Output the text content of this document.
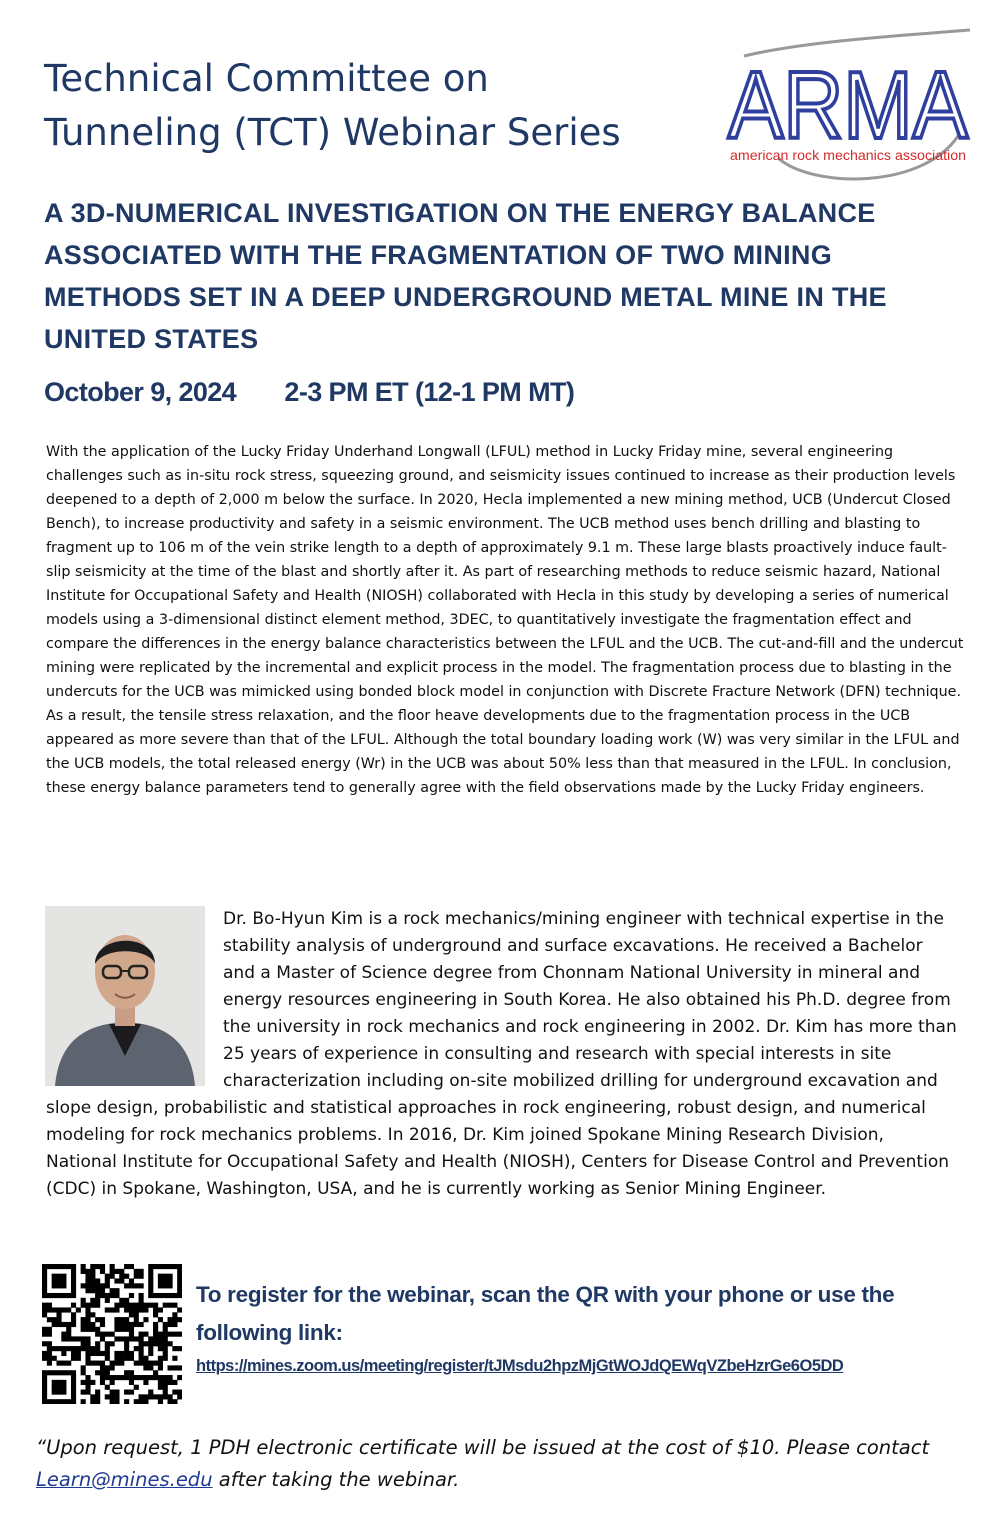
Technical Committee on
Tunneling (TCT) Webinar Series	ARMA
american rock mechanics association
A 3D-NUMERICAL INVESTIGATION ON THE ENERGY BALANCE ASSOCIATED WITH THE FRAGMENTATION OF TWO MINING METHODS SET IN A DEEP UNDERGROUND METAL MINE IN THE UNITED STATES
October 9, 2024 2-3 PM ET (12-1 PM MT)

With the application of the Lucky Friday Underhand Longwall (LFUL) method in Lucky Friday mine, several engineering challenges such as in-situ rock stress, squeezing ground, and seismicity issues continued to increase as their production levels deepened to a depth of 2,000 m below the surface. In 2020, Hecla implemented a new mining method, UCB (Undercut Closed Bench), to increase productivity and safety in a seismic environment. The UCB method uses bench drilling and blasting to fragment up to 106 m of the vein strike length to a depth of approximately 9.1 m. These large blasts proactively induce fault-slip seismicity at the time of the blast and shortly after it. As part of researching methods to reduce seismic hazard, National Institute for Occupational Safety and Health (NIOSH) collaborated with Hecla in this study by developing a series of numerical models using a 3-dimensional distinct element method, 3DEC, to quantitatively investigate the fragmentation effect and compare the differences in the energy balance characteristics between the LFUL and the UCB. The cut-and-fill and the undercut mining were replicated by the incremental and explicit process in the model. The fragmentation process due to blasting in the undercuts for the UCB was mimicked using bonded block model in conjunction with Discrete Fracture Network (DFN) technique. As a result, the tensile stress relaxation, and the floor heave developments due to the fragmentation process in the UCB appeared as more severe than that of the LFUL. Although the total boundary loading work (W) was very similar in the LFUL and the UCB models, the total released energy (Wr) in the UCB was about 50% less than that measured in the LFUL. In conclusion, these energy balance parameters tend to generally agree with the field observations made by the Lucky Friday engineers.

Dr. Bo-Hyun Kim is a rock mechanics/mining engineer with technical expertise in the stability analysis of underground and surface excavations. He received a Bachelor and a Master of Science degree from Chonnam National University in mineral and energy resources engineering in South Korea. He also obtained his Ph.D. degree from the university in rock mechanics and rock engineering in 2002. Dr. Kim has more than 25 years of experience in consulting and research with special interests in site characterization including on-site mobilized drilling for underground excavation and slope design, probabilistic and statistical approaches in rock engineering, robust design, and numerical modeling for rock mechanics problems. In 2016, Dr. Kim joined Spokane Mining Research Division, National Institute for Occupational Safety and Health (NIOSH), Centers for Disease Control and Prevention (CDC) in Spokane, Washington, USA, and he is currently working as Senior Mining Engineer.

To register for the webinar, scan the QR with your phone or use the following link:

https://mines.zoom.us/meeting/register/tJMsdu2hpzMjGtWOJdQEWqVZbeHzrGe6O5DD

“Upon request, 1 PDH electronic certificate will be issued at the cost of $10. Please contact Learn@mines.edu after taking the webinar.
